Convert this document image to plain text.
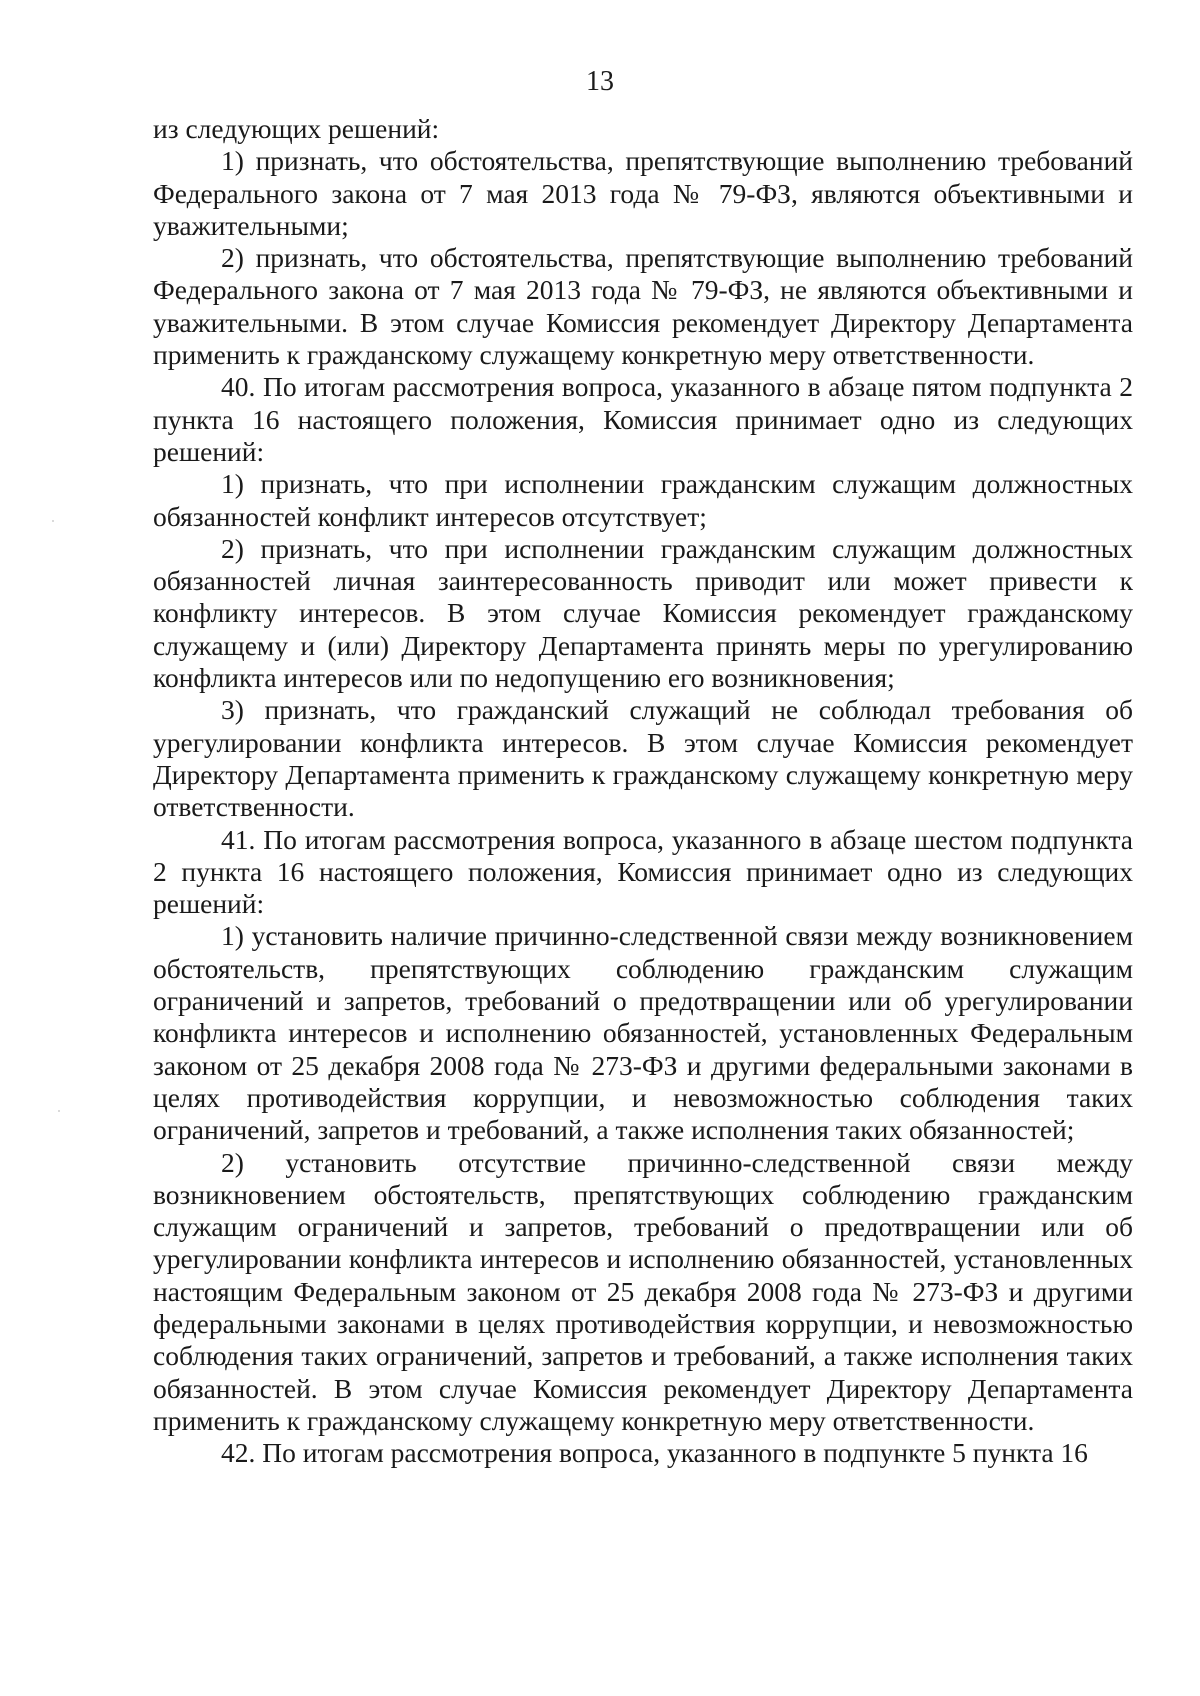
13

из следующих решений:

1) признать, что обстоятельства, препятствующие выполнению требований Федерального закона от 7 мая 2013 года № 79-ФЗ, являются объективными и уважительными;

2) признать, что обстоятельства, препятствующие выполнению требований Федерального закона от 7 мая 2013 года № 79-ФЗ, не являются объективными и уважительными. В этом случае Комиссия рекомендует Директору Департамента применить к гражданскому служащему конкретную меру ответственности.

40. По итогам рассмотрения вопроса, указанного в абзаце пятом подпункта 2 пункта 16 настоящего положения, Комиссия принимает одно из следующих решений:

1) признать, что при исполнении гражданским служащим должностных обязанностей конфликт интересов отсутствует;

2) признать, что при исполнении гражданским служащим должностных обязанностей личная заинтересованность приводит или может привести к конфликту интересов. В этом случае Комиссия рекомендует гражданскому служащему и (или) Директору Департамента принять меры по урегулированию конфликта интересов или по недопущению его возникновения;

3) признать, что гражданский служащий не соблюдал требования об урегулировании конфликта интересов. В этом случае Комиссия рекомендует Директору Департамента применить к гражданскому служащему конкретную меру ответственности.

41. По итогам рассмотрения вопроса, указанного в абзаце шестом подпункта 2 пункта 16 настоящего положения, Комиссия принимает одно из следующих решений:

1) установить наличие причинно-следственной связи между возникновением обстоятельств, препятствующих соблюдению гражданским служащим ограничений и запретов, требований о предотвращении или об урегулировании конфликта интересов и исполнению обязанностей, установленных Федеральным законом от 25 декабря 2008 года № 273-ФЗ и другими федеральными законами в целях противодействия коррупции, и невозможностью соблюдения таких ограничений, запретов и требований, а также исполнения таких обязанностей;

2) установить отсутствие причинно-следственной связи между возникновением обстоятельств, препятствующих соблюдению гражданским служащим ограничений и запретов, требований о предотвращении или об урегулировании конфликта интересов и исполнению обязанностей, установленных настоящим Федеральным законом от 25 декабря 2008 года № 273-ФЗ и другими федеральными законами в целях противодействия коррупции, и невозможностью соблюдения таких ограничений, запретов и требований, а также исполнения таких обязанностей. В этом случае Комиссия рекомендует Директору Департамента применить к гражданскому служащему конкретную меру ответственности.

42. По итогам рассмотрения вопроса, указанного в подпункте 5 пункта 16
